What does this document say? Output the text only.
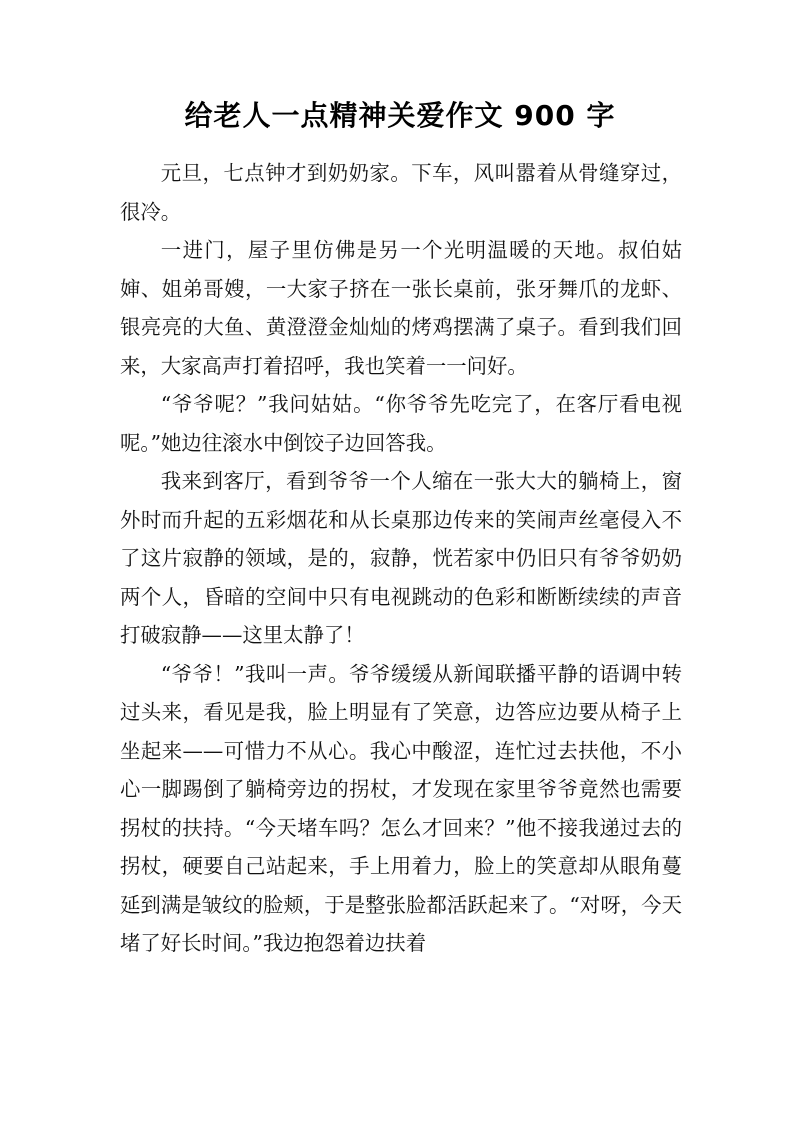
给老人一点精神关爱作文 900 字

元旦，七点钟才到奶奶家。下车，风叫嚣着从骨缝穿过，很冷。

一进门，屋子里仿佛是另一个光明温暖的天地。叔伯姑婶、姐弟哥嫂，一大家子挤在一张长桌前，张牙舞爪的龙虾、银亮亮的大鱼、黄澄澄金灿灿的烤鸡摆满了桌子。看到我们回来，大家高声打着招呼，我也笑着一一问好。

“爷爷呢？”我问姑姑。“你爷爷先吃完了，在客厅看电视呢。”她边往滚水中倒饺子边回答我。

我来到客厅，看到爷爷一个人缩在一张大大的躺椅上，窗外时而升起的五彩烟花和从长桌那边传来的笑闹声丝毫侵入不了这片寂静的领域，是的，寂静，恍若家中仍旧只有爷爷奶奶两个人，昏暗的空间中只有电视跳动的色彩和断断续续的声音打破寂静——这里太静了！

“爷爷！”我叫一声。爷爷缓缓从新闻联播平静的语调中转过头来，看见是我，脸上明显有了笑意，边答应边要从椅子上坐起来——可惜力不从心。我心中酸涩，连忙过去扶他，不小心一脚踢倒了躺椅旁边的拐杖，才发现在家里爷爷竟然也需要拐杖的扶持。“今天堵车吗？怎么才回来？”他不接我递过去的拐杖，硬要自己站起来，手上用着力，脸上的笑意却从眼角蔓延到满是皱纹的脸颊，于是整张脸都活跃起来了。“对呀，今天堵了好长时间。”我边抱怨着边扶着
